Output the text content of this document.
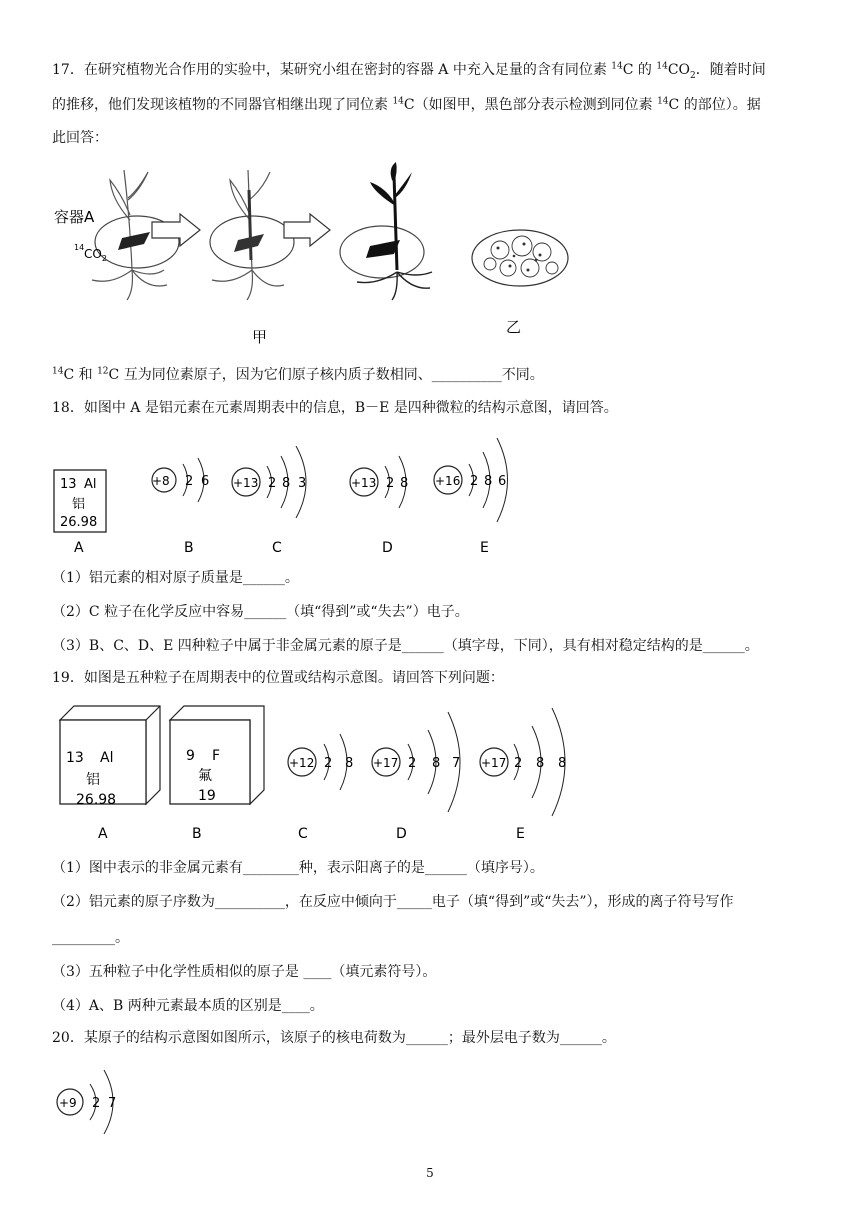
17．在研究植物光合作用的实验中，某研究小组在密封的容器 A 中充入足量的含有同位素 $^{14}$C 的 $^{14}CO_2$．随着时间
的推移，他们发现该植物的不同器官相继出现了同位素 $^{14}$C（如图甲，黑色部分表示检测到同位素 $^{14}$C 的部位）。据
此回答：
容器A
14 $CO_2$
甲
乙
$^{14}$C 和 $^{12}$C 互为同位素原子，因为它们原子核内质子数相同、__________不同。
18．如图中 A 是铝元素在元素周期表中的信息，B－E 是四种微粒的结构示意图，请回答。
13 Al
铝
26.98
+8 2 6 +13 2 8 3	+13 2 8 +16 2 8 6
A	B	C	D	E
（1）铝元素的相对原子质量是______。
（2）C 粒子在化学反应中容易______（填“得到”或“失去”）电子。
（3）B、C、D、E 四种粒子中属于非金属元素的原子是______（填字母，下同），具有相对稳定结构的是______。
19．如图是五种粒子在周期表中的位置或结构示意图。请回答下列问题：
13 Al
铝
26.98
9 F
氟
19
+12 2 8 +17 2 8 7 +17 2 8 8
A	B	C	D	E
（1）图中表示的非金属元素有________种，表示阳离子的是______（填序号）。
（2）铝元素的原子序数为__________，在反应中倾向于_____电子（填“得到”或“失去”），形成的离子符号写作
_________。
（3）五种粒子中化学性质相似的原子是 ____（填元素符号）。
（4）A、B 两种元素最本质的区别是____。
20．某原子的结构示意图如图所示，该原子的核电荷数为______；最外层电子数为______。
+9 2 7
5
